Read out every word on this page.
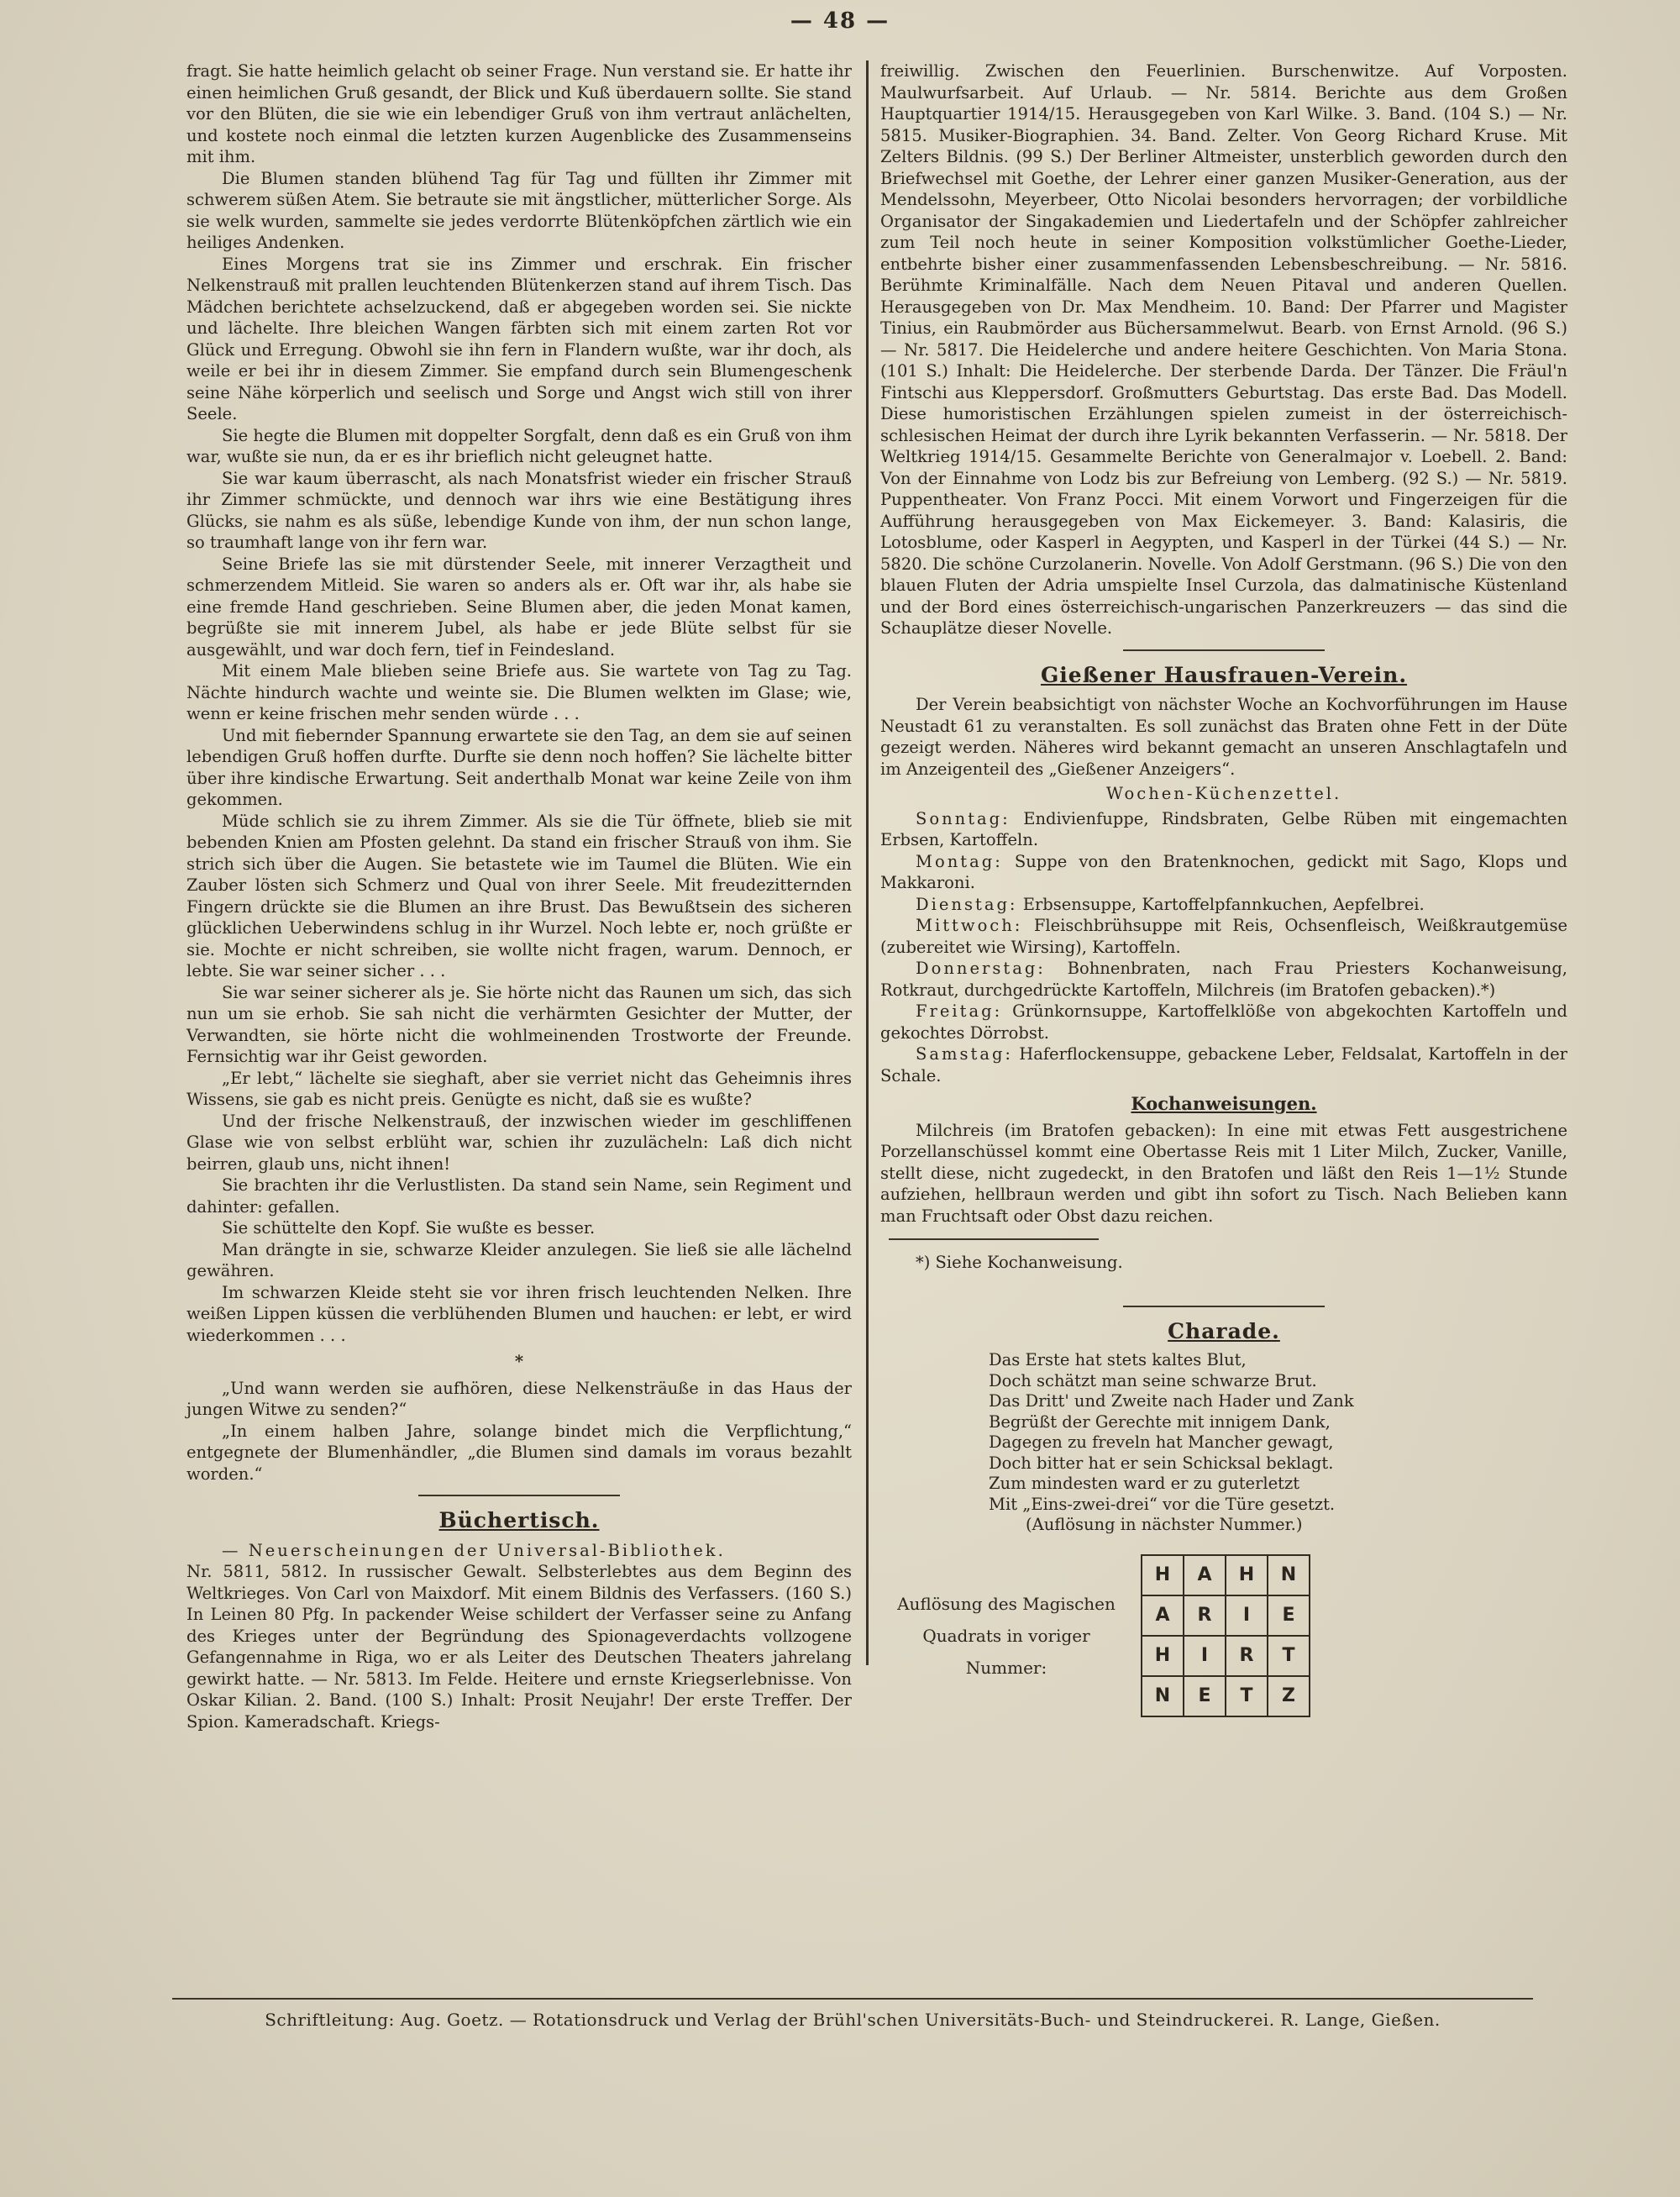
— 48 —

fragt. Sie hatte heimlich gelacht ob seiner Frage. Nun verstand sie. Er hatte ihr einen heimlichen Gruß gesandt, der Blick und Kuß überdauern sollte. Sie stand vor den Blüten, die sie wie ein lebendiger Gruß von ihm vertraut anlächelten, und kostete noch einmal die letzten kurzen Augenblicke des Zusammenseins mit ihm.

Die Blumen standen blühend Tag für Tag und füllten ihr Zimmer mit schwerem süßen Atem. Sie betraute sie mit ängstlicher, mütterlicher Sorge. Als sie welk wurden, sammelte sie jedes verdorrte Blütenköpfchen zärtlich wie ein heiliges Andenken.

Eines Morgens trat sie ins Zimmer und erschrak. Ein frischer Nelkenstrauß mit prallen leuchtenden Blütenkerzen stand auf ihrem Tisch. Das Mädchen berichtete achselzuckend, daß er abgegeben worden sei. Sie nickte und lächelte. Ihre bleichen Wangen färbten sich mit einem zarten Rot vor Glück und Erregung. Obwohl sie ihn fern in Flandern wußte, war ihr doch, als weile er bei ihr in diesem Zimmer. Sie empfand durch sein Blumengeschenk seine Nähe körperlich und seelisch und Sorge und Angst wich still von ihrer Seele.

Sie hegte die Blumen mit doppelter Sorgfalt, denn daß es ein Gruß von ihm war, wußte sie nun, da er es ihr brieflich nicht geleugnet hatte.

Sie war kaum überrascht, als nach Monatsfrist wieder ein frischer Strauß ihr Zimmer schmückte, und dennoch war ihrs wie eine Bestätigung ihres Glücks, sie nahm es als süße, lebendige Kunde von ihm, der nun schon lange, so traumhaft lange von ihr fern war.

Seine Briefe las sie mit dürstender Seele, mit innerer Verzagtheit und schmerzendem Mitleid. Sie waren so anders als er. Oft war ihr, als habe sie eine fremde Hand geschrieben. Seine Blumen aber, die jeden Monat kamen, begrüßte sie mit innerem Jubel, als habe er jede Blüte selbst für sie ausgewählt, und war doch fern, tief in Feindesland.

Mit einem Male blieben seine Briefe aus. Sie wartete von Tag zu Tag. Nächte hindurch wachte und weinte sie. Die Blumen welkten im Glase; wie, wenn er keine frischen mehr senden würde . . .

Und mit fiebernder Spannung erwartete sie den Tag, an dem sie auf seinen lebendigen Gruß hoffen durfte. Durfte sie denn noch hoffen? Sie lächelte bitter über ihre kindische Erwartung. Seit anderthalb Monat war keine Zeile von ihm gekommen.

Müde schlich sie zu ihrem Zimmer. Als sie die Tür öffnete, blieb sie mit bebenden Knien am Pfosten gelehnt. Da stand ein frischer Strauß von ihm. Sie strich sich über die Augen. Sie betastete wie im Taumel die Blüten. Wie ein Zauber lösten sich Schmerz und Qual von ihrer Seele. Mit freudezitternden Fingern drückte sie die Blumen an ihre Brust. Das Bewußtsein des sicheren glücklichen Ueberwindens schlug in ihr Wurzel. Noch lebte er, noch grüßte er sie. Mochte er nicht schreiben, sie wollte nicht fragen, warum. Dennoch, er lebte. Sie war seiner sicher . . .

Sie war seiner sicherer als je. Sie hörte nicht das Raunen um sich, das sich nun um sie erhob. Sie sah nicht die verhärmten Gesichter der Mutter, der Verwandten, sie hörte nicht die wohlmeinenden Trostworte der Freunde. Fernsichtig war ihr Geist geworden.

„Er lebt,“ lächelte sie sieghaft, aber sie verriet nicht das Geheimnis ihres Wissens, sie gab es nicht preis. Genügte es nicht, daß sie es wußte?

Und der frische Nelkenstrauß, der inzwischen wieder im geschliffenen Glase wie von selbst erblüht war, schien ihr zuzulächeln: Laß dich nicht beirren, glaub uns, nicht ihnen!

Sie brachten ihr die Verlustlisten. Da stand sein Name, sein Regiment und dahinter: gefallen.

Sie schüttelte den Kopf. Sie wußte es besser.

Man drängte in sie, schwarze Kleider anzulegen. Sie ließ sie alle lächelnd gewähren.

Im schwarzen Kleide steht sie vor ihren frisch leuchtenden Nelken. Ihre weißen Lippen küssen die verblühenden Blumen und hauchen: er lebt, er wird wiederkommen . . .

*

„Und wann werden sie aufhören, diese Nelkensträuße in das Haus der jungen Witwe zu senden?“

„In einem halben Jahre, solange bindet mich die Verpflichtung,“ entgegnete der Blumenhändler, „die Blumen sind damals im voraus bezahlt worden.“

Büchertisch.

— Neuerscheinungen der Universal-Bibliothek.

Nr. 5811, 5812. In russischer Gewalt. Selbsterlebtes aus dem Beginn des Weltkrieges. Von Carl von Maixdorf. Mit einem Bildnis des Verfassers. (160 S.) In Leinen 80 Pfg. In packender Weise schildert der Verfasser seine zu Anfang des Krieges unter der Begründung des Spionageverdachts vollzogene Gefangennahme in Riga, wo er als Leiter des Deutschen Theaters jahrelang gewirkt hatte. — Nr. 5813. Im Felde. Heitere und ernste Kriegserlebnisse. Von Oskar Kilian. 2. Band. (100 S.) Inhalt: Prosit Neujahr! Der erste Treffer. Der Spion. Kameradschaft. Kriegs-

freiwillig. Zwischen den Feuerlinien. Burschenwitze. Auf Vorposten. Maulwurfsarbeit. Auf Urlaub. — Nr. 5814. Berichte aus dem Großen Hauptquartier 1914/15. Herausgegeben von Karl Wilke. 3. Band. (104 S.) — Nr. 5815. Musiker-Biographien. 34. Band. Zelter. Von Georg Richard Kruse. Mit Zelters Bildnis. (99 S.) Der Berliner Altmeister, unsterblich geworden durch den Briefwechsel mit Goethe, der Lehrer einer ganzen Musiker-Generation, aus der Mendelssohn, Meyerbeer, Otto Nicolai besonders hervorragen; der vorbildliche Organisator der Singakademien und Liedertafeln und der Schöpfer zahlreicher zum Teil noch heute in seiner Komposition volkstümlicher Goethe-Lieder, entbehrte bisher einer zusammenfassenden Lebensbeschreibung. — Nr. 5816. Berühmte Kriminalfälle. Nach dem Neuen Pitaval und anderen Quellen. Herausgegeben von Dr. Max Mendheim. 10. Band: Der Pfarrer und Magister Tinius, ein Raubmörder aus Büchersammelwut. Bearb. von Ernst Arnold. (96 S.) — Nr. 5817. Die Heidelerche und andere heitere Geschichten. Von Maria Stona. (101 S.) Inhalt: Die Heidelerche. Der sterbende Darda. Der Tänzer. Die Fräul'n Fintschi aus Kleppersdorf. Großmutters Geburtstag. Das erste Bad. Das Modell. Diese humoristischen Erzählungen spielen zumeist in der österreichisch-schlesischen Heimat der durch ihre Lyrik bekannten Verfasserin. — Nr. 5818. Der Weltkrieg 1914/15. Gesammelte Berichte von Generalmajor v. Loebell. 2. Band: Von der Einnahme von Lodz bis zur Befreiung von Lemberg. (92 S.) — Nr. 5819. Puppentheater. Von Franz Pocci. Mit einem Vorwort und Fingerzeigen für die Aufführung herausgegeben von Max Eickemeyer. 3. Band: Kalasiris, die Lotosblume, oder Kasperl in Aegypten, und Kasperl in der Türkei (44 S.) — Nr. 5820. Die schöne Curzolanerin. Novelle. Von Adolf Gerstmann. (96 S.) Die von den blauen Fluten der Adria umspielte Insel Curzola, das dalmatinische Küstenland und der Bord eines österreichisch-ungarischen Panzerkreuzers — das sind die Schauplätze dieser Novelle.

Gießener Hausfrauen-Verein.

Der Verein beabsichtigt von nächster Woche an Kochvorführungen im Hause Neustadt 61 zu veranstalten. Es soll zunächst das Braten ohne Fett in der Düte gezeigt werden. Näheres wird bekannt gemacht an unseren Anschlagtafeln und im Anzeigenteil des „Gießener Anzeigers“.

Wochen-Küchenzettel.

Sonntag: Endivienfuppe, Rindsbraten, Gelbe Rüben mit eingemachten Erbsen, Kartoffeln.

Montag: Suppe von den Bratenknochen, gedickt mit Sago, Klops und Makkaroni.

Dienstag: Erbsensuppe, Kartoffelpfannkuchen, Aepfelbrei.

Mittwoch: Fleischbrühsuppe mit Reis, Ochsenfleisch, Weißkrautgemüse (zubereitet wie Wirsing), Kartoffeln.

Donnerstag: Bohnenbraten, nach Frau Priesters Kochanweisung, Rotkraut, durchgedrückte Kartoffeln, Milchreis (im Bratofen gebacken).*)

Freitag: Grünkornsuppe, Kartoffelklöße von abgekochten Kartoffeln und gekochtes Dörrobst.

Samstag: Haferflockensuppe, gebackene Leber, Feldsalat, Kartoffeln in der Schale.

Kochanweisungen.

Milchreis (im Bratofen gebacken): In eine mit etwas Fett ausgestrichene Porzellanschüssel kommt eine Obertasse Reis mit 1 Liter Milch, Zucker, Vanille, stellt diese, nicht zugedeckt, in den Bratofen und läßt den Reis 1—1½ Stunde aufziehen, hellbraun werden und gibt ihn sofort zu Tisch. Nach Belieben kann man Fruchtsaft oder Obst dazu reichen.

*) Siehe Kochanweisung.

Charade.
Das Erste hat stets kaltes Blut,
Doch schätzt man seine schwarze Brut.
Das Dritt' und Zweite nach Hader und Zank
Begrüßt der Gerechte mit innigem Dank,
Dagegen zu freveln hat Mancher gewagt,
Doch bitter hat er sein Schicksal beklagt.
Zum mindesten ward er zu guterletzt
Mit „Eins-zwei-drei“ vor die Türe gesetzt.
(Auflösung in nächster Nummer.)
Auflösung des Magischen
Quadrats in voriger
Nummer:
H	A	H	N
A	R	I	E
H	I	R	T
N	E	T	Z
Schriftleitung: Aug. Goetz. — Rotationsdruck und Verlag der Brühl'schen Universitäts-Buch- und Steindruckerei. R. Lange, Gießen.
